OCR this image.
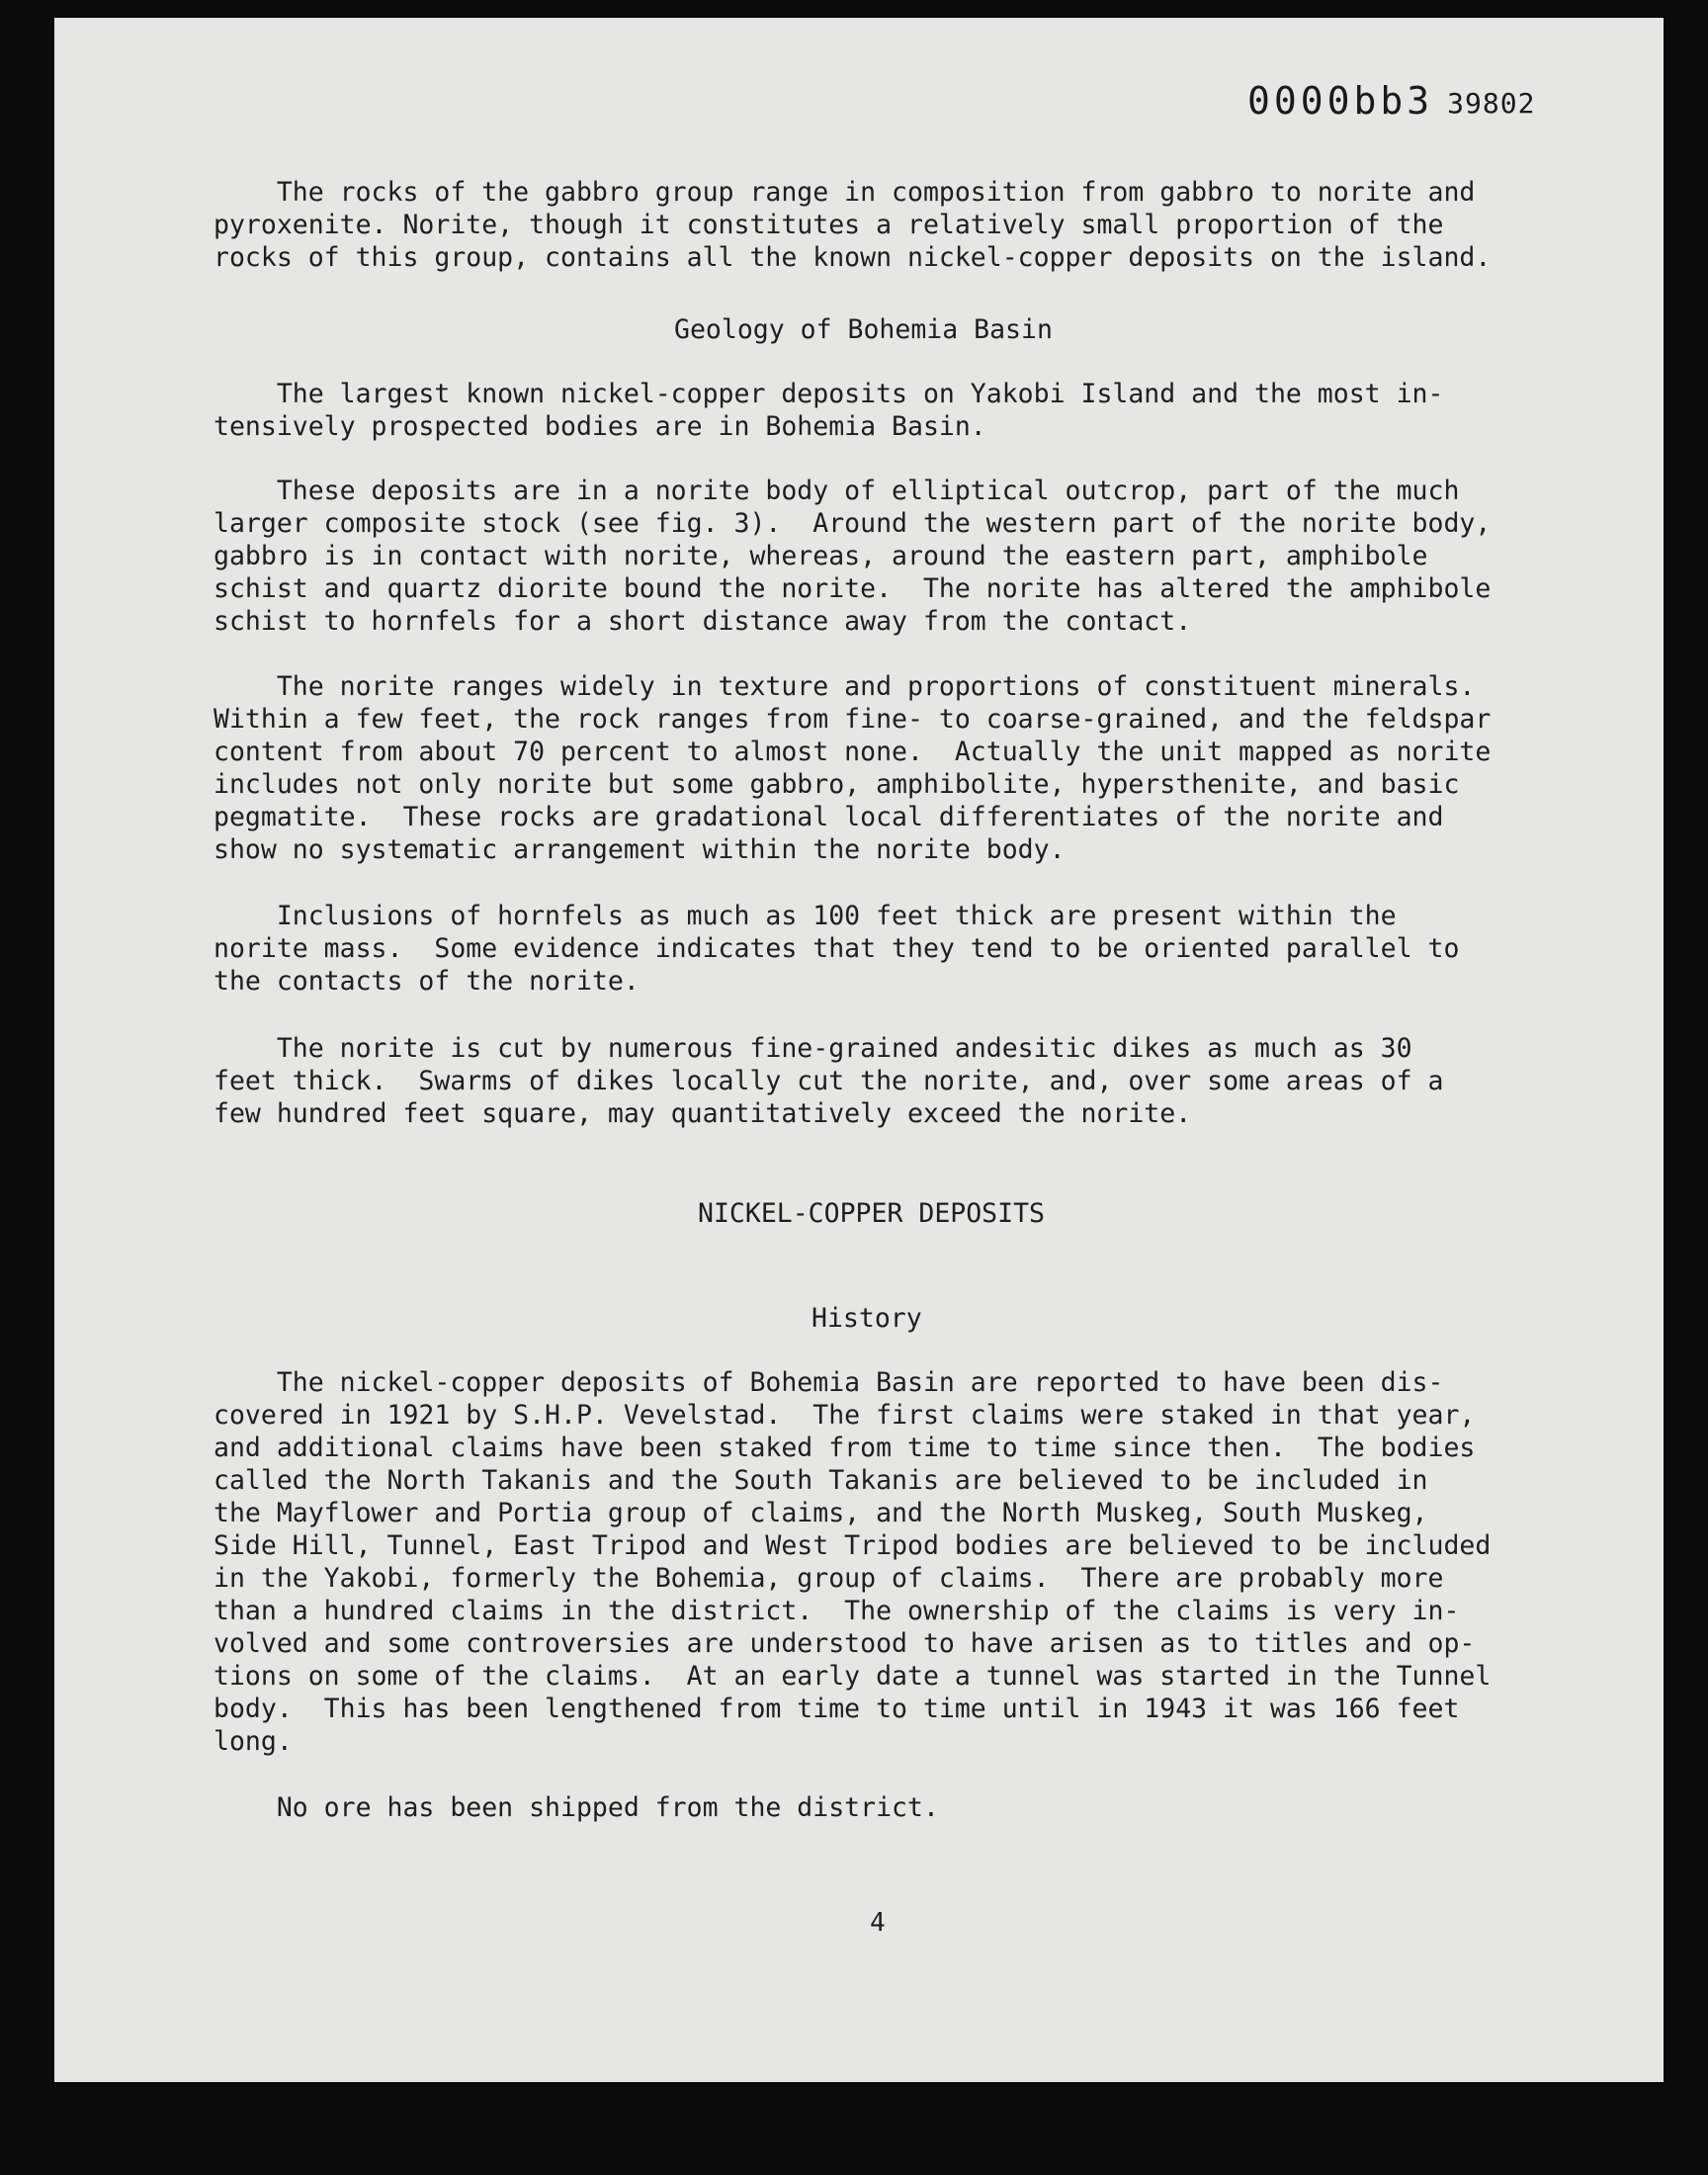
0000bb3 39802
The rocks of the gabbro group range in composition from gabbro to norite and
pyroxenite. Norite, though it constitutes a relatively small proportion of the
rocks of this group, contains all the known nickel-copper deposits on the island.
Geology of Bohemia Basin
The largest known nickel-copper deposits on Yakobi Island and the most in-
tensively prospected bodies are in Bohemia Basin.
These deposits are in a norite body of elliptical outcrop, part of the much
larger composite stock (see fig. 3).  Around the western part of the norite body,
gabbro is in contact with norite, whereas, around the eastern part, amphibole
schist and quartz diorite bound the norite.  The norite has altered the amphibole
schist to hornfels for a short distance away from the contact.
The norite ranges widely in texture and proportions of constituent minerals.
Within a few feet, the rock ranges from fine- to coarse-grained, and the feldspar
content from about 70 percent to almost none.  Actually the unit mapped as norite
includes not only norite but some gabbro, amphibolite, hypersthenite, and basic
pegmatite.  These rocks are gradational local differentiates of the norite and
show no systematic arrangement within the norite body.
Inclusions of hornfels as much as 100 feet thick are present within the
norite mass.  Some evidence indicates that they tend to be oriented parallel to
the contacts of the norite.
The norite is cut by numerous fine-grained andesitic dikes as much as 30
feet thick.  Swarms of dikes locally cut the norite, and, over some areas of a
few hundred feet square, may quantitatively exceed the norite.
NICKEL-COPPER DEPOSITS
History
The nickel-copper deposits of Bohemia Basin are reported to have been dis-
covered in 1921 by S.H.P. Vevelstad.  The first claims were staked in that year,
and additional claims have been staked from time to time since then.  The bodies
called the North Takanis and the South Takanis are believed to be included in
the Mayflower and Portia group of claims, and the North Muskeg, South Muskeg,
Side Hill, Tunnel, East Tripod and West Tripod bodies are believed to be included
in the Yakobi, formerly the Bohemia, group of claims.  There are probably more
than a hundred claims in the district.  The ownership of the claims is very in-
volved and some controversies are understood to have arisen as to titles and op-
tions on some of the claims.  At an early date a tunnel was started in the Tunnel
body.  This has been lengthened from time to time until in 1943 it was 166 feet
long.
No ore has been shipped from the district.
4
